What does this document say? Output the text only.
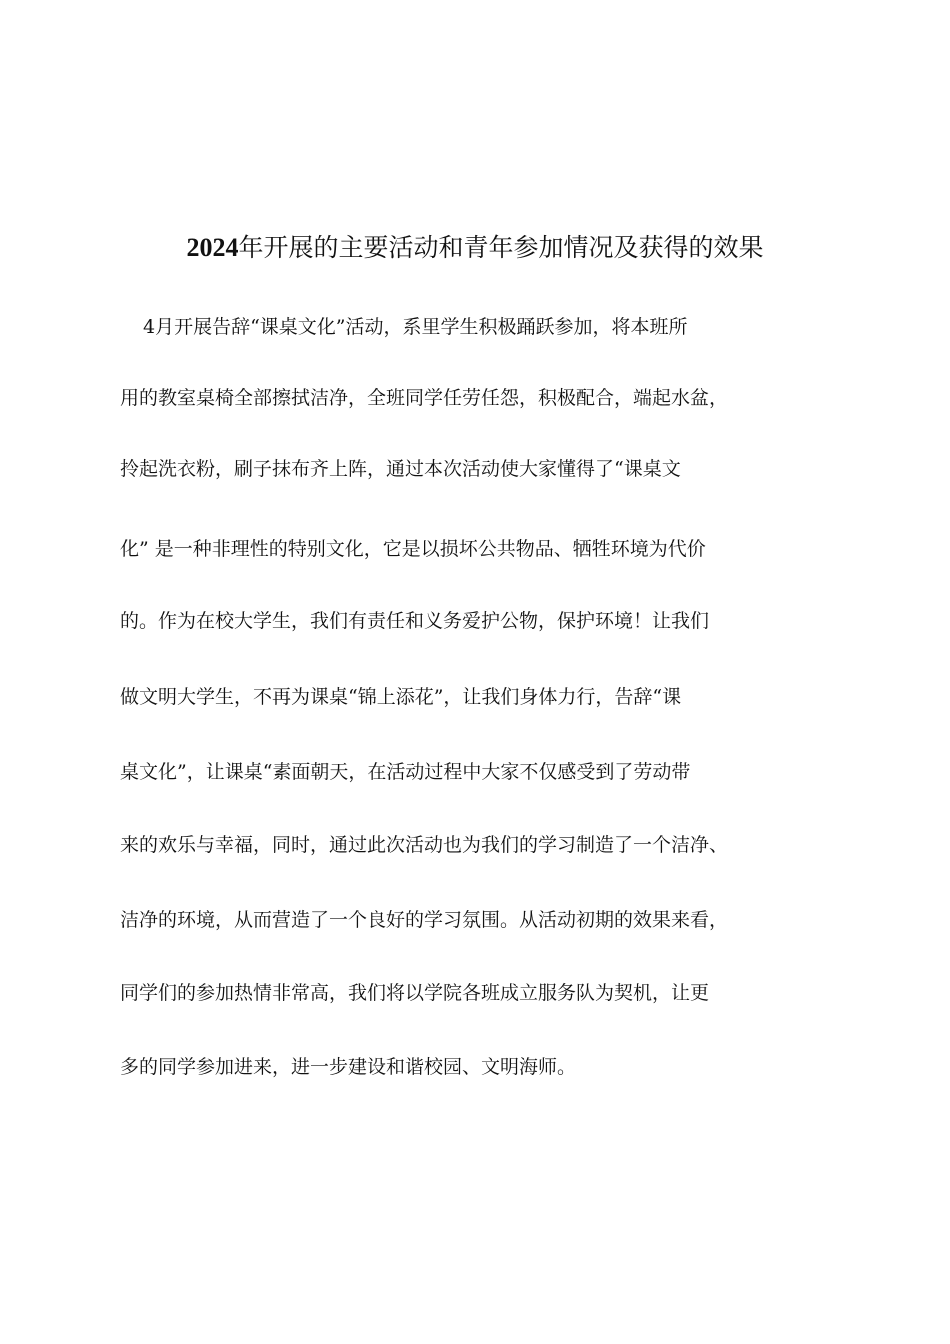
2024年开展的主要活动和青年参加情况及获得的效果

4月开展告辞“课桌文化”活动，系里学生积极踊跃参加，将本班所

用的教室桌椅全部擦拭洁净，全班同学任劳任怨，积极配合，端起水盆，

拎起洗衣粉，刷子抹布齐上阵，通过本次活动使大家懂得了“课桌文

化” 是一种非理性的特别文化，它是以损坏公共物品、牺牲环境为代价

的。作为在校大学生，我们有责任和义务爱护公物，保护环境！让我们

做文明大学生，不再为课桌“锦上添花”，让我们身体力行，告辞“课

桌文化”，让课桌“素面朝天，在活动过程中大家不仅感受到了劳动带

来的欢乐与幸福，同时，通过此次活动也为我们的学习制造了一个洁净、

洁净的环境，从而营造了一个良好的学习氛围。从活动初期的效果来看，

同学们的参加热情非常高，我们将以学院各班成立服务队为契机，让更

多的同学参加进来，进一步建设和谐校园、文明海师。
